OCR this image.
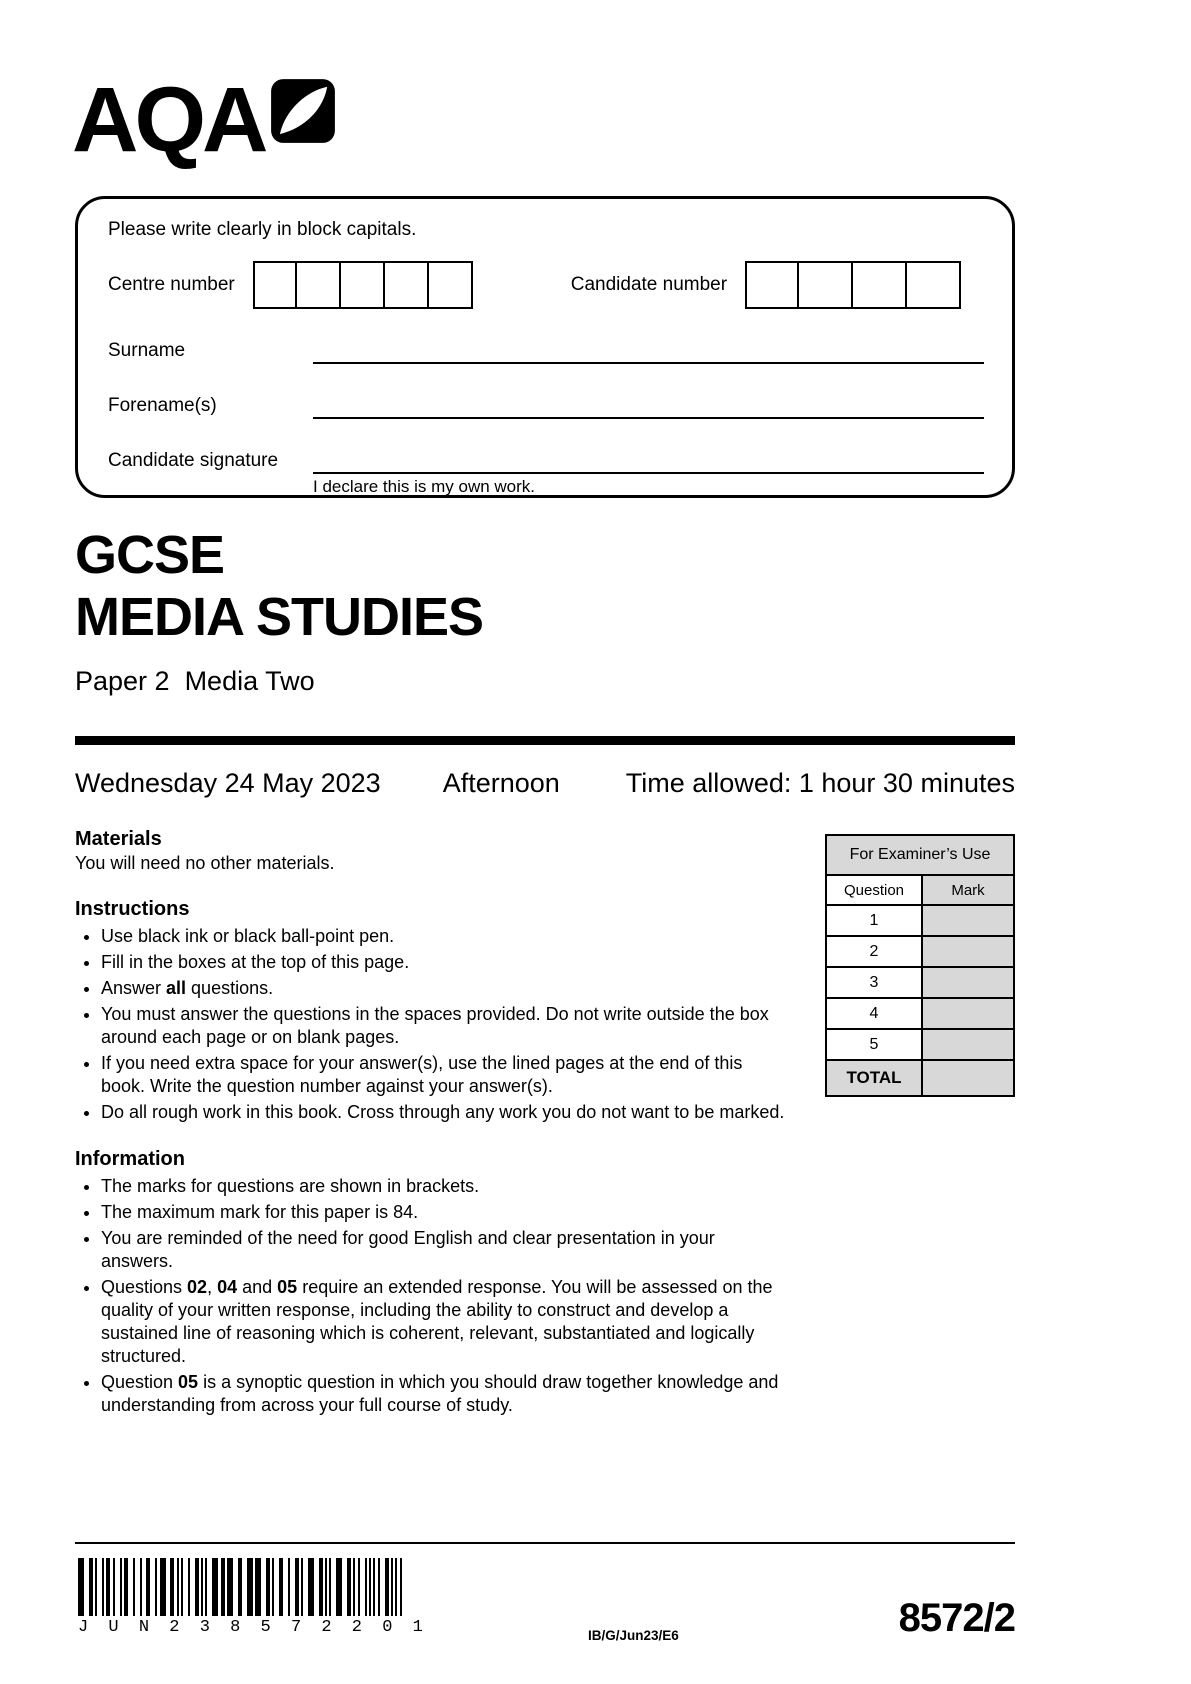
AQA
Please write clearly in block capitals.
Centre number	Candidate number
Surname
Forename(s)
Candidate signature
I declare this is my own work.
GCSE
MEDIA STUDIES
Paper 2  Media Two
Wednesday 24 May 2023 Afternoon Time allowed: 1 hour 30 minutes
Materials
You will need no other materials.
Instructions
• Use black ink or black ball-point pen.
• Fill in the boxes at the top of this page.
• Answer all questions.
• You must answer the questions in the spaces provided. Do not write outside the box around each page or on blank pages.
• If you need extra space for your answer(s), use the lined pages at the end of this book. Write the question number against your answer(s).
• Do all rough work in this book. Cross through any work you do not want to be marked.
Information
• The marks for questions are shown in brackets.
• The maximum mark for this paper is 84.
• You are reminded of the need for good English and clear presentation in your answers.
• Questions 02, 04 and 05 require an extended response. You will be assessed on the quality of your written response, including the ability to construct and develop a sustained line of reasoning which is coherent, relevant, substantiated and logically structured.
• Question 05 is a synoptic question in which you should draw together knowledge and understanding from across your full course of study.
For Examiner’s Use	
Question	Mark
1	
2	
3	
4	
5	
TOTAL	
J U N 2 3 8 5 7 2 2 0 1	IB/G/Jun23/E6	8572/2
